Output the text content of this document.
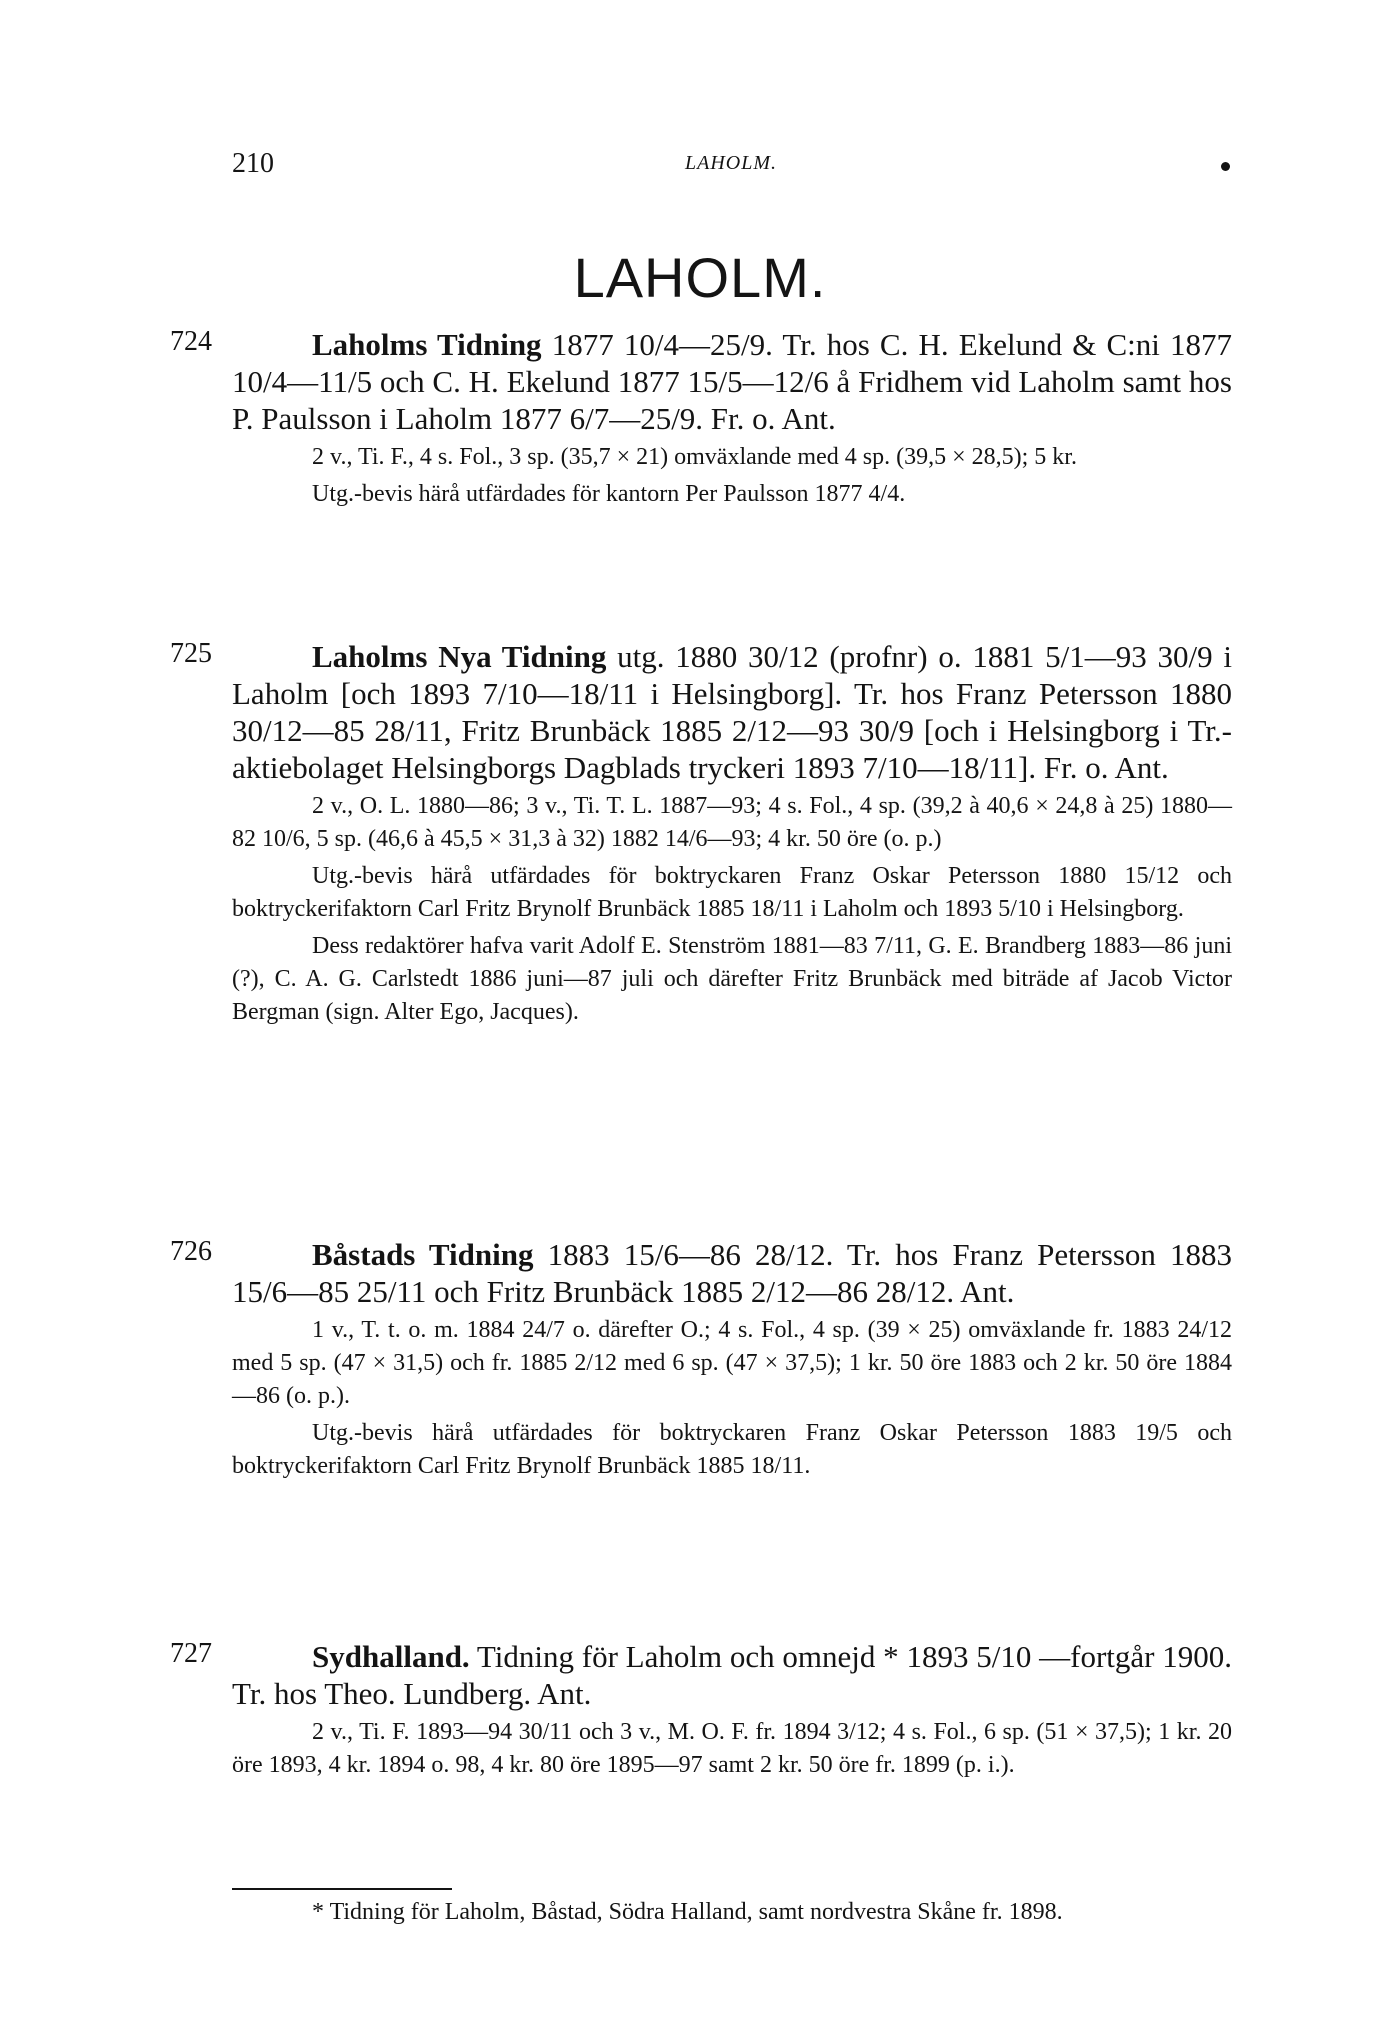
210	LAHOLM.
LAHOLM.
724	Laholms Tidning 1877 10/4—25/9. Tr. hos C. H. Ekelund & C:ni 1877 10/4—11/5 och C. H. Ekelund 1877 15/5—12/6 å Fridhem vid Laholm samt hos P. Paulsson i Laholm 1877 6/7—25/9. Fr. o. Ant.

2 v., Ti. F., 4 s. Fol., 3 sp. (35,7 × 21) omväxlande med 4 sp. (39,5 × 28,5); 5 kr.

Utg.-bevis härå utfärdades för kantorn Per Paulsson 1877 4/4.

725	Laholms Nya Tidning utg. 1880 30/12 (profnr) o. 1881 5/1—93 30/9 i Laholm [och 1893 7/10—18/11 i Helsingborg]. Tr. hos Franz Petersson 1880 30/12—85 28/11, Fritz Brunbäck 1885 2/12—93 30/9 [och i Helsingborg i Tr.-aktiebolaget Helsingborgs Dagblads tryckeri 1893 7/10—18/11]. Fr. o. Ant.

2 v., O. L. 1880—86; 3 v., Ti. T. L. 1887—93; 4 s. Fol., 4 sp. (39,2 à 40,6 × 24,8 à 25) 1880—82 10/6, 5 sp. (46,6 à 45,5 × 31,3 à 32) 1882 14/6—93; 4 kr. 50 öre (o. p.)

Utg.-bevis härå utfärdades för boktryckaren Franz Oskar Petersson 1880 15/12 och boktryckerifaktorn Carl Fritz Brynolf Brunbäck 1885 18/11 i Laholm och 1893 5/10 i Helsingborg.

Dess redaktörer hafva varit Adolf E. Stenström 1881—83 7/11, G. E. Brandberg 1883—86 juni (?), C. A. G. Carlstedt 1886 juni—87 juli och därefter Fritz Brunbäck med biträde af Jacob Victor Bergman (sign. Alter Ego, Jacques).

726	Båstads Tidning 1883 15/6—86 28/12. Tr. hos Franz Petersson 1883 15/6—85 25/11 och Fritz Brunbäck 1885 2/12—86 28/12. Ant.

1 v., T. t. o. m. 1884 24/7 o. därefter O.; 4 s. Fol., 4 sp. (39 × 25) omväxlande fr. 1883 24/12 med 5 sp. (47 × 31,5) och fr. 1885 2/12 med 6 sp. (47 × 37,5); 1 kr. 50 öre 1883 och 2 kr. 50 öre 1884 —86 (o. p.).

Utg.-bevis härå utfärdades för boktryckaren Franz Oskar Petersson 1883 19/5 och boktryckerifaktorn Carl Fritz Brynolf Brunbäck 1885 18/11.

727	Sydhalland. Tidning för Laholm och omnejd * 1893 5/10 —fortgår 1900. Tr. hos Theo. Lundberg. Ant.

2 v., Ti. F. 1893—94 30/11 och 3 v., M. O. F. fr. 1894 3/12; 4 s. Fol., 6 sp. (51 × 37,5); 1 kr. 20 öre 1893, 4 kr. 1894 o. 98, 4 kr. 80 öre 1895—97 samt 2 kr. 50 öre fr. 1899 (p. i.).

* Tidning för Laholm, Båstad, Södra Halland, samt nordvestra Skåne fr. 1898.
